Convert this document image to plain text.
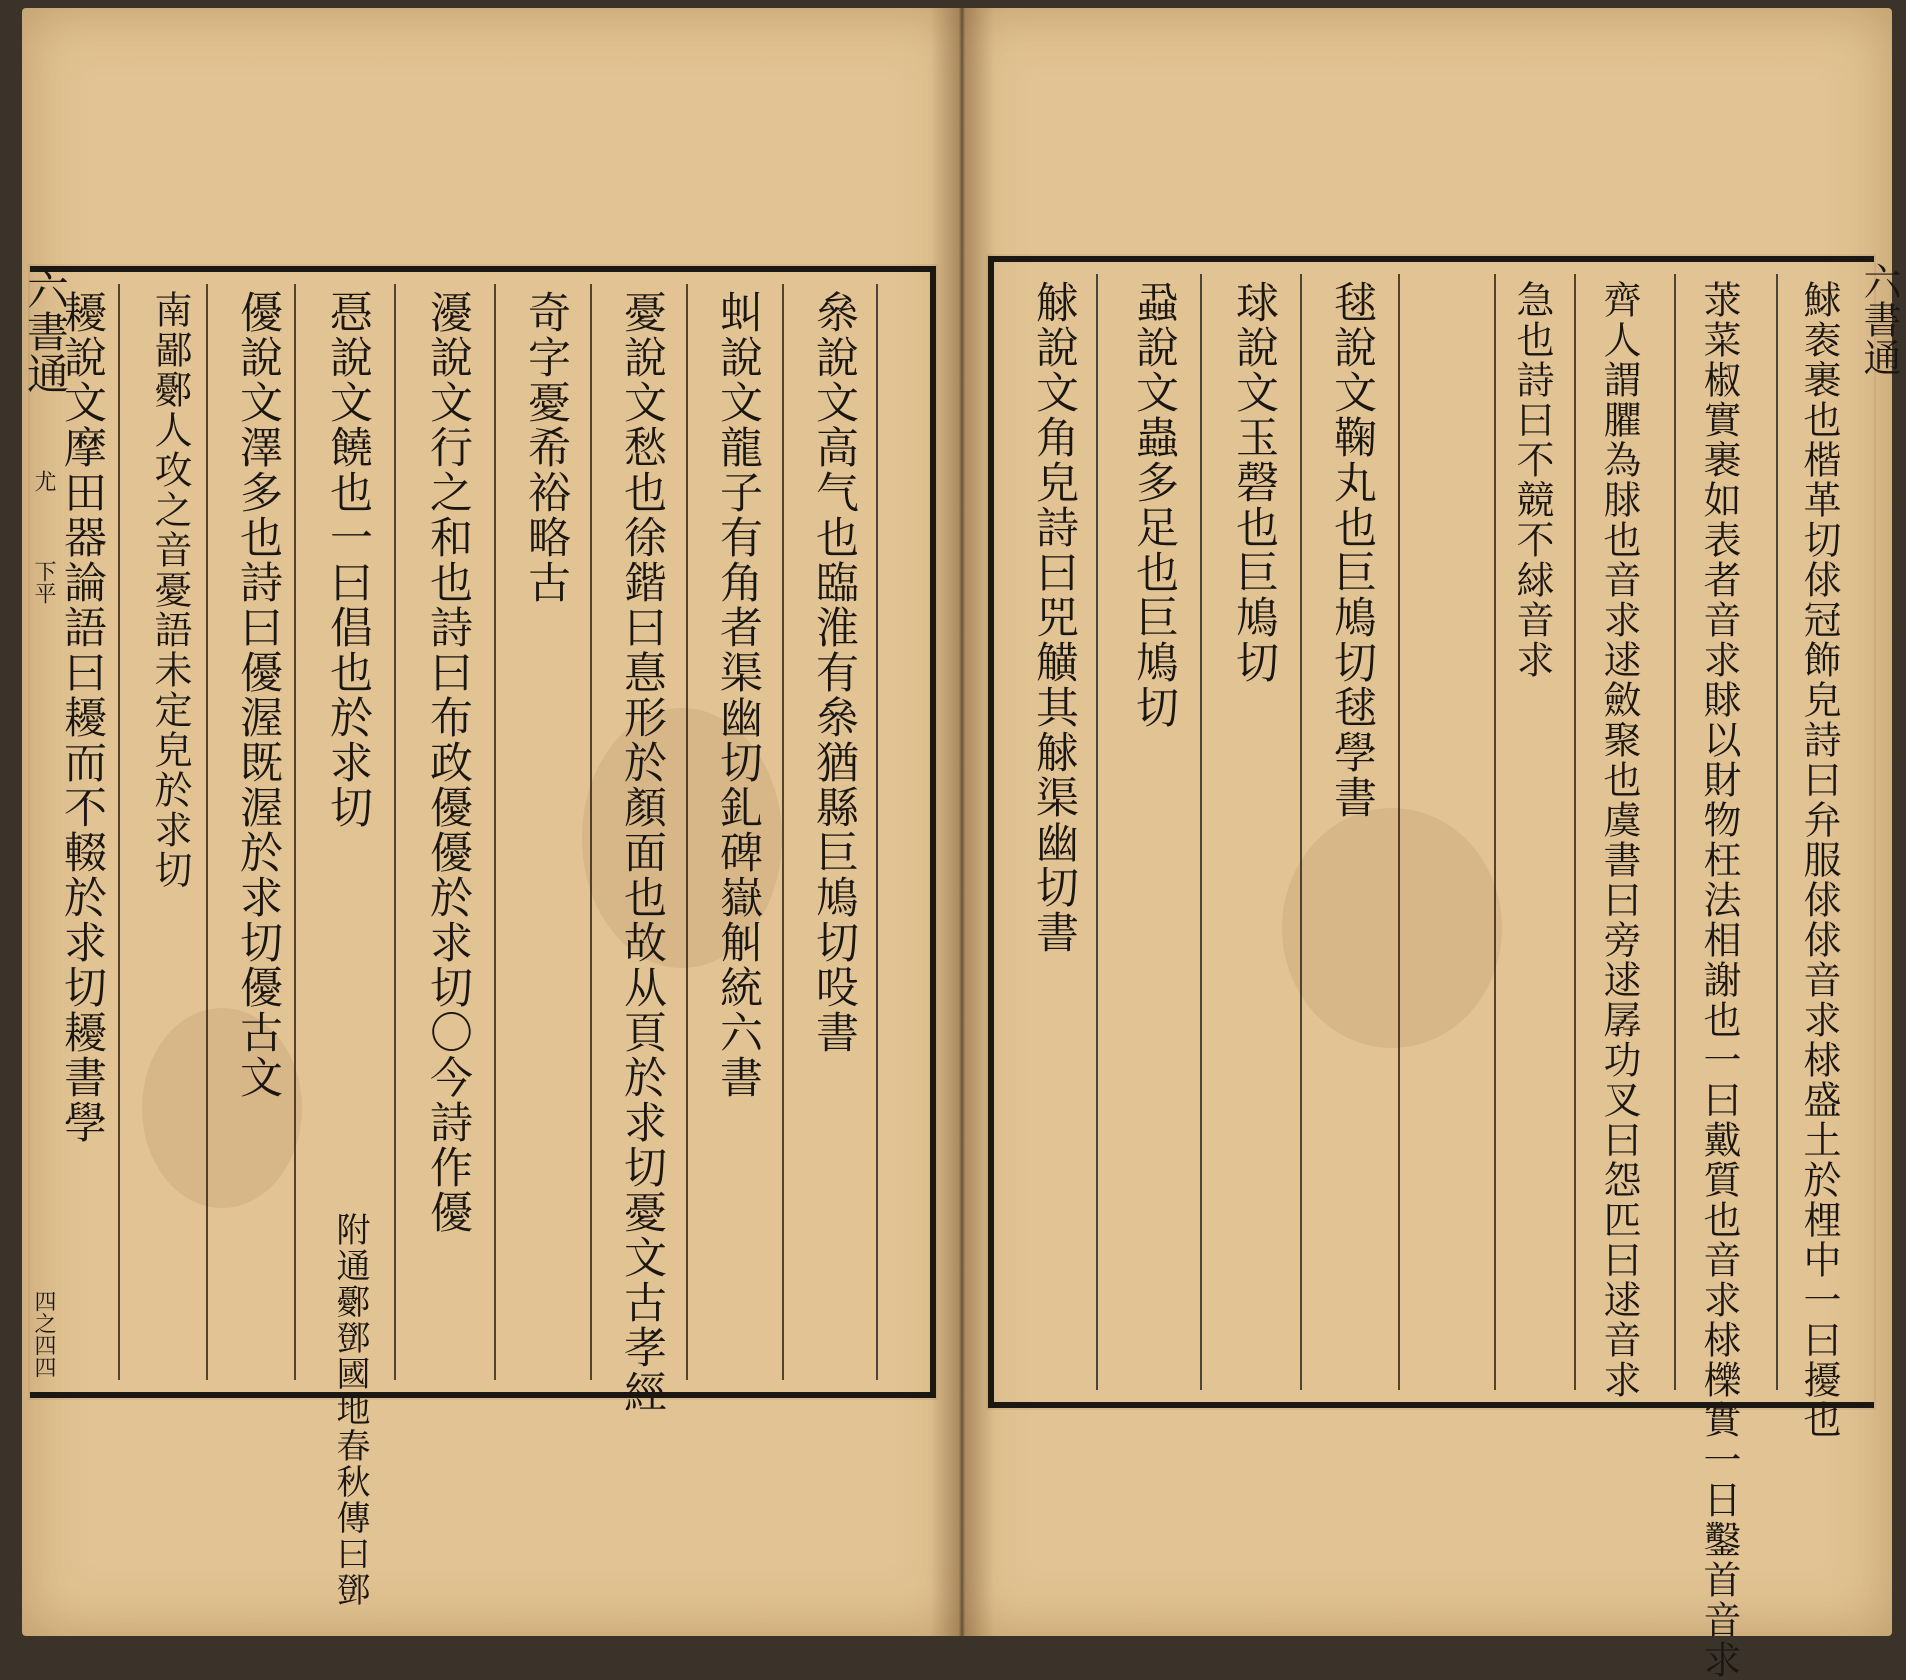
耰說文摩田器論語曰耰而不輟於求切耰書學 南鄙鄾人攻之音憂語未定皃於求切 優說文澤多也詩曰優渥既渥於求切優古文 㥑說文饒也一曰倡也於求切 瀀說文行之和也詩曰布政優優於求切〇今詩作優 奇字憂希裕略古 憂說文愁也徐鍇曰惪形於顏面也故从頁於求切憂文古孝經 虯說文龍子有角者渠幽切釓碑嶽觓統六書 㕘說文高气也臨淮有㕘猶縣巨鳩切吺書
附通鄾鄧國地春秋傳曰鄧
六書通
尤
下平
四之四四
觩說文角皃詩曰兕觵其觩渠幽切書 蝨說文蟲多足也巨鳩切 球說文玉磬也巨鳩切 毬說文鞠丸也巨鳩切毬學書	急也詩曰不競不絿音求 齊人謂臞為脙也音求逑斂聚也虞書曰旁逑孱功叉曰怨匹曰逑音求 莍菜椒實裹如表者音求賕以財物枉法相謝也一曰戴質也音求梂櫟實一日鑿首音求 鯄袠裹也楷革切俅冠飾皃詩曰弁服俅俅音求梂盛土於梩中一曰擾也 六書通
